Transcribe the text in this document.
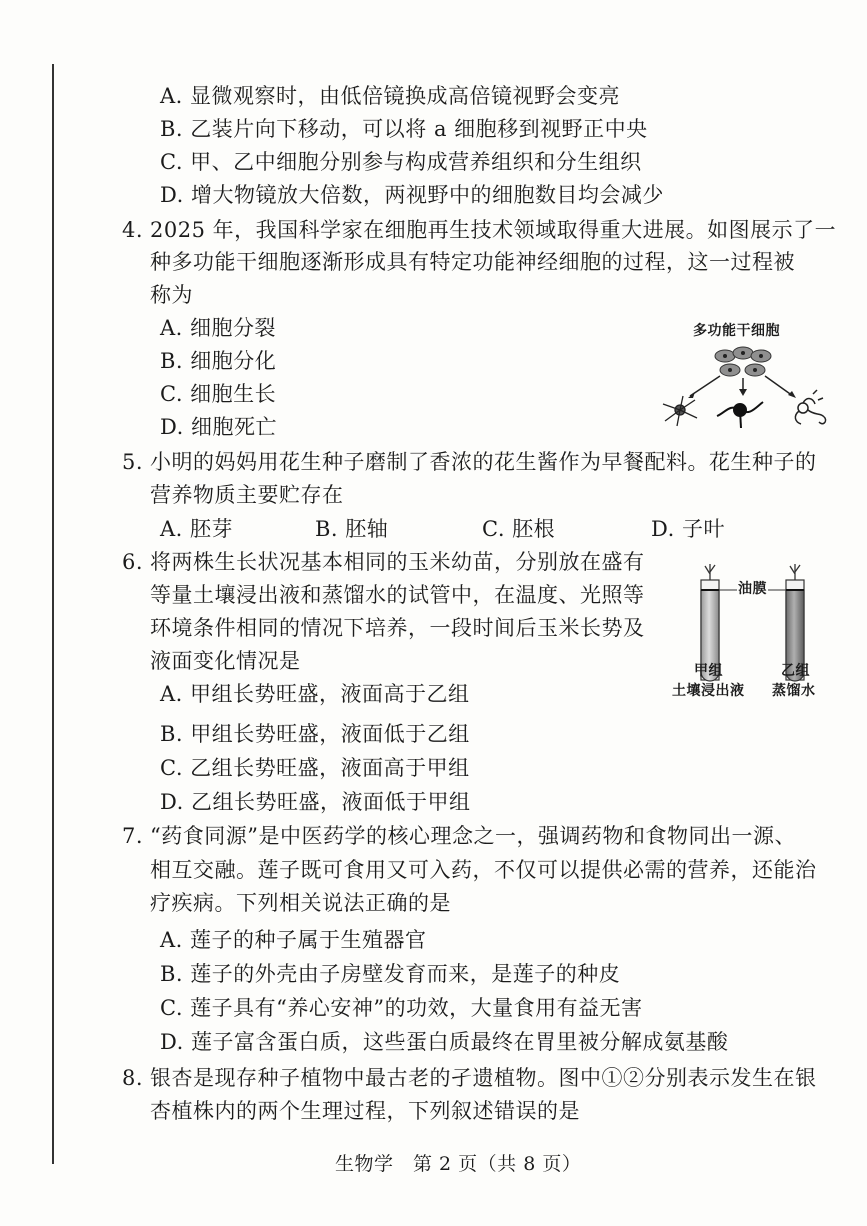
A. 显微观察时，由低倍镜换成高倍镜视野会变亮
B. 乙装片向下移动，可以将 a 细胞移到视野正中央
C. 甲、乙中细胞分别参与构成营养组织和分生组织
D. 增大物镜放大倍数，两视野中的细胞数目均会减少
4. 2025 年，我国科学家在细胞再生技术领域取得重大进展。如图展示了一
种多功能干细胞逐渐形成具有特定功能神经细胞的过程，这一过程被
称为
A. 细胞分裂
B. 细胞分化
C. 细胞生长
D. 细胞死亡
多功能干细胞
5. 小明的妈妈用花生种子磨制了香浓的花生酱作为早餐配料。花生种子的
营养物质主要贮存在
A. 胚芽	B. 胚轴	C. 胚根	D. 子叶
6. 将两株生长状况基本相同的玉米幼苗，分别放在盛有
等量土壤浸出液和蒸馏水的试管中，在温度、光照等
环境条件相同的情况下培养，一段时间后玉米长势及
液面变化情况是
A. 甲组长势旺盛，液面高于乙组
B. 甲组长势旺盛，液面低于乙组
C. 乙组长势旺盛，液面高于甲组
D. 乙组长势旺盛，液面低于甲组
油膜
甲组
土壤浸出液
乙组
蒸馏水
7. “药食同源”是中医药学的核心理念之一，强调药物和食物同出一源、
相互交融。莲子既可食用又可入药，不仅可以提供必需的营养，还能治
疗疾病。下列相关说法正确的是
A. 莲子的种子属于生殖器官
B. 莲子的外壳由子房壁发育而来，是莲子的种皮
C. 莲子具有“养心安神”的功效，大量食用有益无害
D. 莲子富含蛋白质，这些蛋白质最终在胃里被分解成氨基酸
8. 银杏是现存种子植物中最古老的孑遗植物。图中①②分别表示发生在银
杏植株内的两个生理过程，下列叙述错误的是
生物学　第 2 页（共 8 页）
